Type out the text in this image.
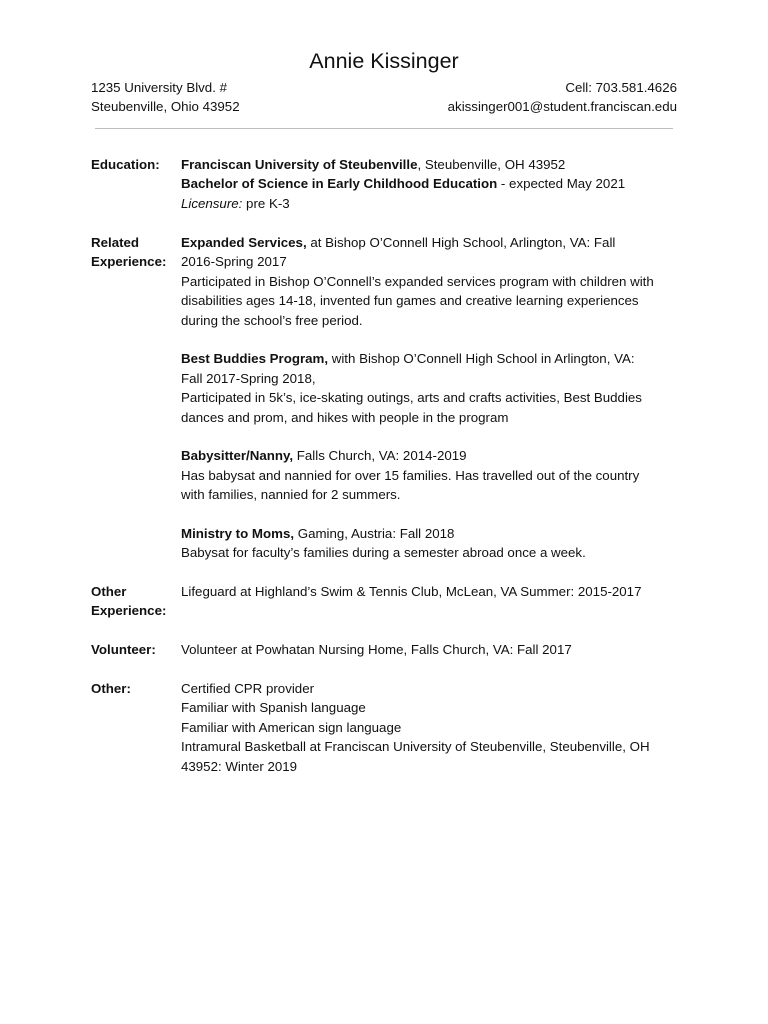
Annie Kissinger
1235 University Blvd. #
Steubenville, Ohio 43952
Cell: 703.581.4626
akissinger001@student.franciscan.edu
Education:	Franciscan University of Steubenville, Steubenville, OH 43952
Bachelor of Science in Early Childhood Education - expected May 2021
Licensure: pre K-3
Related
Experience:
Expanded Services, at Bishop O’Connell High School, Arlington, VA: Fall
2016-Spring 2017
Participated in Bishop O’Connell’s expanded services program with children with
disabilities ages 14-18, invented fun games and creative learning experiences
during the school’s free period.
Best Buddies Program, with Bishop O’Connell High School in Arlington, VA:
Fall 2017-Spring 2018,
Participated in 5k’s, ice-skating outings, arts and crafts activities, Best Buddies
dances and prom, and hikes with people in the program
Babysitter/Nanny, Falls Church, VA: 2014-2019
Has babysat and nannied for over 15 families. Has travelled out of the country
with families, nannied for 2 summers.
Ministry to Moms, Gaming, Austria: Fall 2018
Babysat for faculty’s families during a semester abroad once a week.
Other
Experience:
Lifeguard at Highland’s Swim & Tennis Club, McLean, VA Summer: 2015-2017
Volunteer:	Volunteer at Powhatan Nursing Home, Falls Church, VA: Fall 2017
Other:	Certified CPR provider
Familiar with Spanish language
Familiar with American sign language
Intramural Basketball at Franciscan University of Steubenville, Steubenville, OH
43952: Winter 2019
